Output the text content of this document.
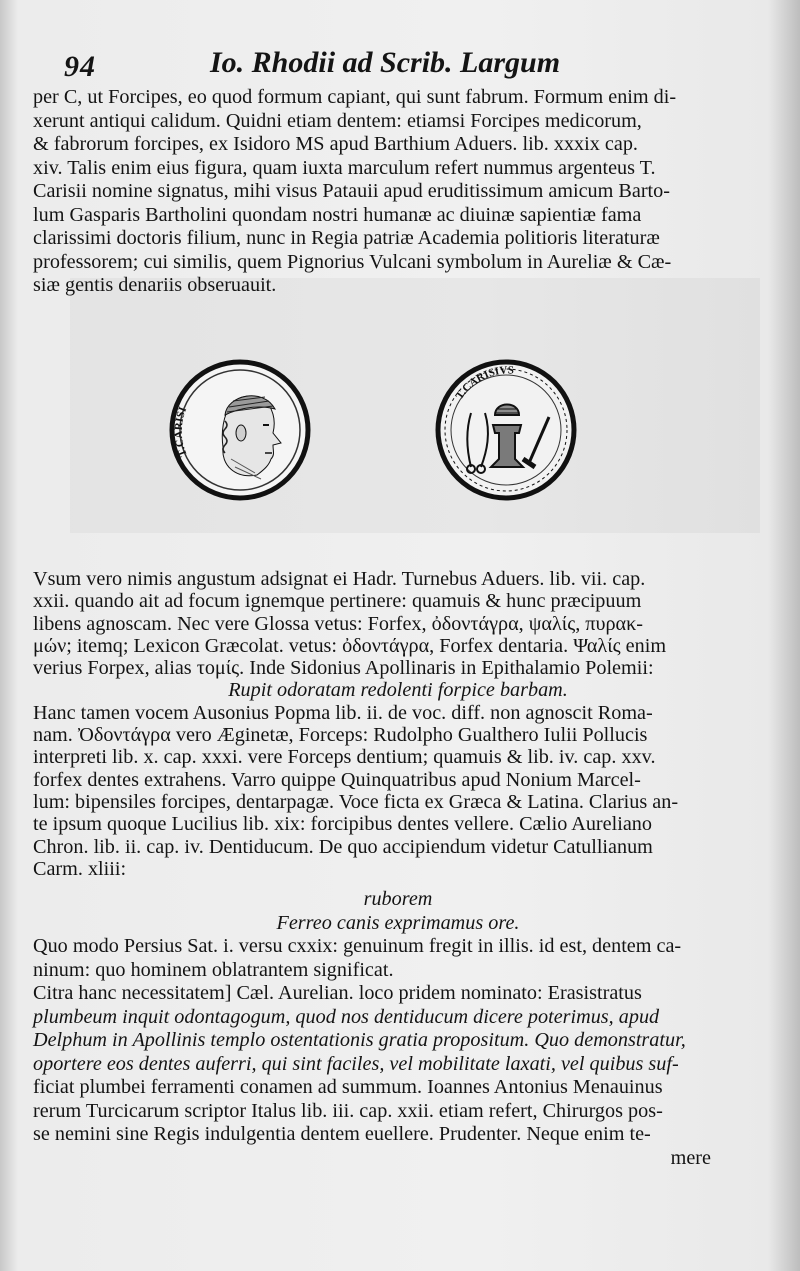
94	Io. Rhodii ad Scrib. Largum
per C, ut Forcipes, eo quod formum capiant, qui sunt fabrum. Formum enim di-
xerunt antiqui calidum. Quidni etiam dentem: etiamsi Forcipes medicorum,
& fabrorum forcipes, ex Isidoro MS apud Barthium Aduers. lib. xxxix cap.
xiv. Talis enim eius figura, quam iuxta marculum refert nummus argenteus T.
Carisii nomine signatus, mihi visus Patauii apud eruditissimum amicum Barto-
lum Gasparis Bartholini quondam nostri humanæ ac diuinæ sapientiæ fama
clarissimi doctoris filium, nunc in Regia patriæ Academia politioris literaturæ
professorem; cui similis, quem Pignorius Vulcani symbolum in Aureliæ & Cæ-
siæ gentis denariis obseruauit.
T.CARISI
T.CARISIVS
Vsum vero nimis angustum adsignat ei Hadr. Turnebus Aduers. lib. vii. cap.
xxii. quando ait ad focum ignemque pertinere: quamuis & hunc præcipuum
libens agnoscam. Nec vere Glossa vetus: Forfex, ὀδοντάγρα, ψαλίς, πυρακ-
μών; itemq; Lexicon Græcolat. vetus: ὀδοντάγρα, Forfex dentaria. Ψαλίς enim
verius Forpex, alias τομίς. Inde Sidonius Apollinaris in Epithalamio Polemii:
Rupit odoratam redolenti forpice barbam.
Hanc tamen vocem Ausonius Popma lib. ii. de voc. diff. non agnoscit Roma-
nam. Ὀδοντάγρα vero Æginetæ, Forceps: Rudolpho Gualthero Iulii Pollucis
interpreti lib. x. cap. xxxi. vere Forceps dentium; quamuis & lib. iv. cap. xxv.
forfex dentes extrahens. Varro quippe Quinquatribus apud Nonium Marcel-
lum: bipensiles forcipes, dentarpagæ. Voce ficta ex Græca & Latina. Clarius an-
te ipsum quoque Lucilius lib. xix: forcipibus dentes vellere. Cælio Aureliano
Chron. lib. ii. cap. iv. Dentiducum. De quo accipiendum videtur Catullianum
Carm. xliii:
ruborem
Ferreo canis exprimamus ore.
Quo modo Persius Sat. i. versu cxxix: genuinum fregit in illis. id est, dentem ca-
ninum: quo hominem oblatrantem significat.
Citra hanc necessitatem] Cæl. Aurelian. loco pridem nominato: Erasistratus
plumbeum inquit odontagogum, quod nos dentiducum dicere poterimus, apud
Delphum in Apollinis templo ostentationis gratia propositum. Quo demonstratur,
oportere eos dentes auferri, qui sint faciles, vel mobilitate laxati, vel quibus suf-
ficiat plumbei ferramenti conamen ad summum. Ioannes Antonius Menauinus
rerum Turcicarum scriptor Italus lib. iii. cap. xxii. etiam refert, Chirurgos pos-
se nemini sine Regis indulgentia dentem euellere. Prudenter. Neque enim te-
mere
